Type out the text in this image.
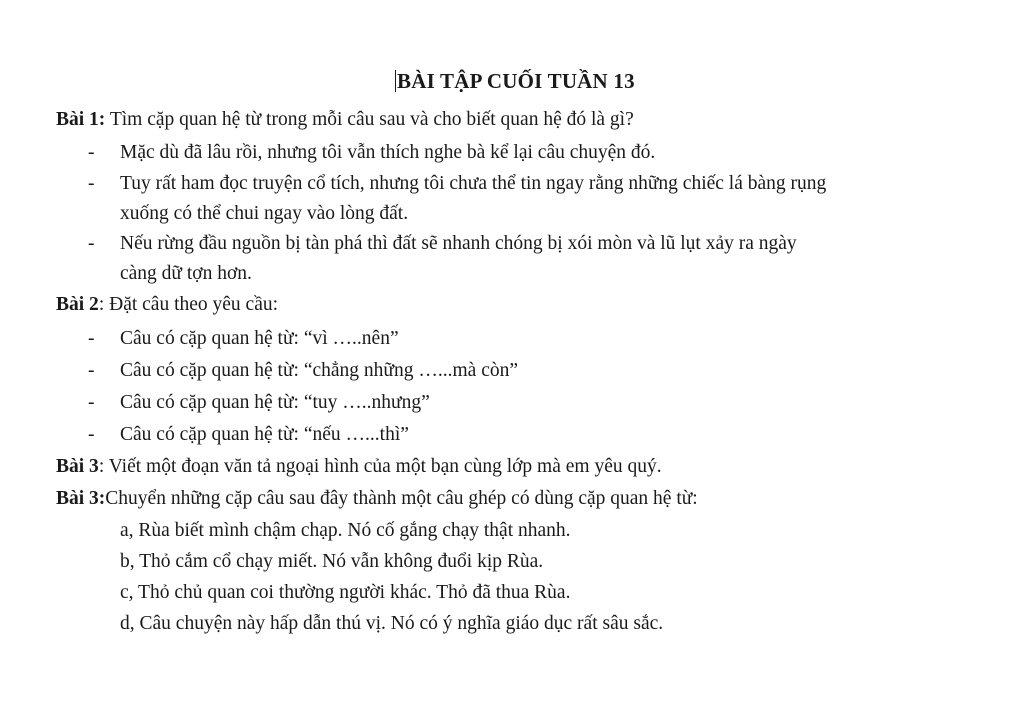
BÀI TẬP CUỐI TUẦN 13
Bài 1: Tìm cặp quan hệ từ trong mỗi câu sau và cho biết quan hệ đó là gì?
- Mặc dù đã lâu rồi, nhưng tôi vẫn thích nghe bà kể lại câu chuyện đó.
- Tuy rất ham đọc truyện cổ tích, nhưng tôi chưa thể tin ngay rằng những chiếc lá bàng rụng
xuống có thể chui ngay vào lòng đất.
- Nếu rừng đầu nguồn bị tàn phá thì đất sẽ nhanh chóng bị xói mòn và lũ lụt xảy ra ngày
càng dữ tợn hơn.
Bài 2: Đặt câu theo yêu cầu:
- Câu có cặp quan hệ từ: “vì …..nên”
- Câu có cặp quan hệ từ: “chẳng những …...mà còn”
- Câu có cặp quan hệ từ: “tuy …..nhưng”
- Câu có cặp quan hệ từ: “nếu …...thì”
Bài 3: Viết một đoạn văn tả ngoại hình của một bạn cùng lớp mà em yêu quý.
Bài 3:Chuyển những cặp câu sau đây thành một câu ghép có dùng cặp quan hệ từ:
a, Rùa biết mình chậm chạp. Nó cố gắng chạy thật nhanh.
b, Thỏ cắm cổ chạy miết. Nó vẫn không đuổi kịp Rùa.
c, Thỏ chủ quan coi thường người khác. Thỏ đã thua Rùa.
d, Câu chuyện này hấp dẫn thú vị. Nó có ý nghĩa giáo dục rất sâu sắc.
